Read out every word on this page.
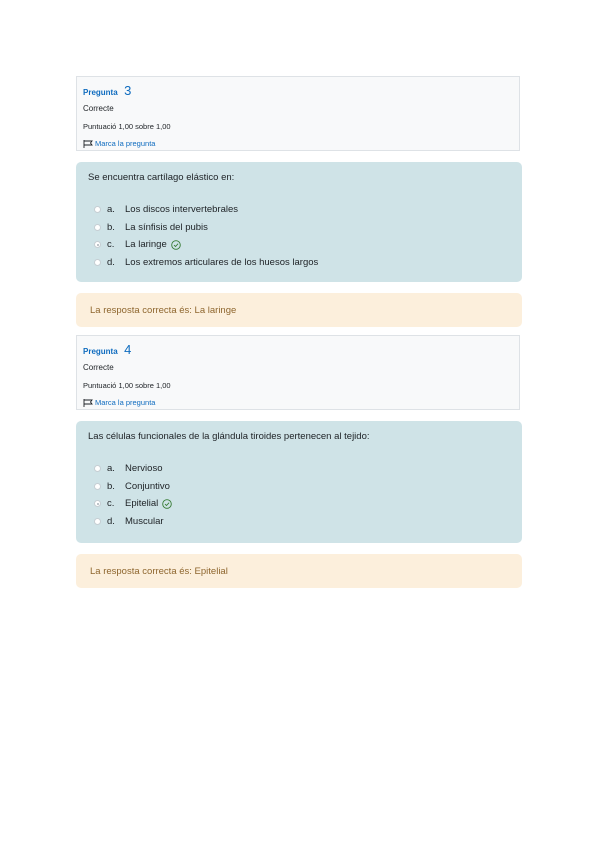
Pregunta 3
Correcte
Puntuació 1,00 sobre 1,00
Marca la pregunta
Se encuentra cartílago elástico en:
a.	Los discos intervertebrales
b.	La sínfisis del pubis
c.	La laringe
d.	Los extremos articulares de los huesos largos
La resposta correcta és: La laringe
Pregunta 4
Correcte
Puntuació 1,00 sobre 1,00
Marca la pregunta
Las células funcionales de la glándula tiroides pertenecen al tejido:
a.	Nervioso
b.	Conjuntivo
c.	Epitelial
d.	Muscular
La resposta correcta és: Epitelial
